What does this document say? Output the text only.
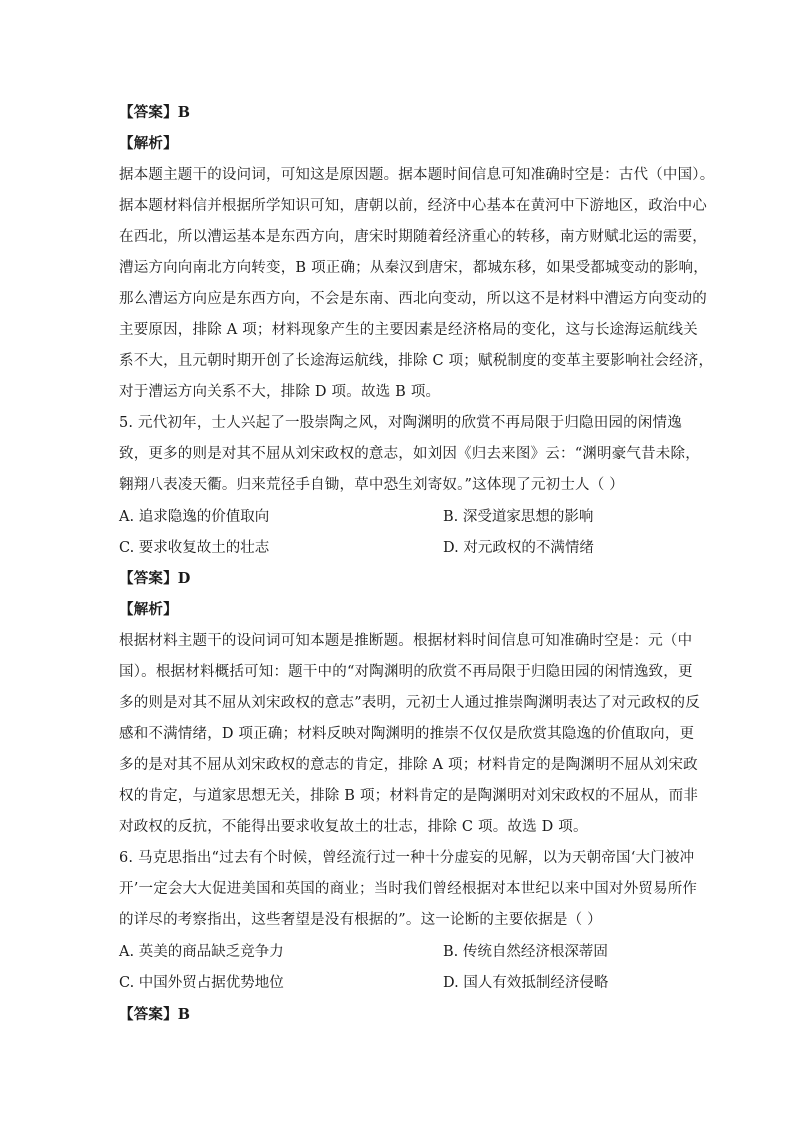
【答案】B
【解析】
据本题主题干的设问词，可知这是原因题。据本题时间信息可知准确时空是：古代（中国）。
据本题材料信并根据所学知识可知，唐朝以前，经济中心基本在黄河中下游地区，政治中心
在西北，所以漕运基本是东西方向，唐宋时期随着经济重心的转移，南方财赋北运的需要，
漕运方向向南北方向转变，B 项正确；从秦汉到唐宋，都城东移，如果受都城变动的影响，
那么漕运方向应是东西方向，不会是东南、西北向变动，所以这不是材料中漕运方向变动的
主要原因，排除 A 项；材料现象产生的主要因素是经济格局的变化，这与长途海运航线关
系不大，且元朝时期开创了长途海运航线，排除 C 项；赋税制度的变革主要影响社会经济，
对于漕运方向关系不大，排除 D 项。故选 B 项。
5. 元代初年，士人兴起了一股崇陶之风，对陶渊明的欣赏不再局限于归隐田园的闲情逸
致，更多的则是对其不屈从刘宋政权的意志，如刘因《归去来图》云：“渊明豪气昔未除，
翱翔八表凌天衢。归来荒径手自锄，草中恐生刘寄奴。”这体现了元初士人（ ）
A. 追求隐逸的价值取向	B. 深受道家思想的影响
C. 要求收复故土的壮志	D. 对元政权的不满情绪
【答案】D
【解析】
根据材料主题干的设问词可知本题是推断题。根据材料时间信息可知准确时空是：元（中
国）。根据材料概括可知：题干中的“对陶渊明的欣赏不再局限于归隐田园的闲情逸致，更
多的则是对其不屈从刘宋政权的意志”表明，元初士人通过推崇陶渊明表达了对元政权的反
感和不满情绪，D 项正确；材料反映对陶渊明的推崇不仅仅是欣赏其隐逸的价值取向，更
多的是对其不屈从刘宋政权的意志的肯定，排除 A 项；材料肯定的是陶渊明不屈从刘宋政
权的肯定，与道家思想无关，排除 B 项；材料肯定的是陶渊明对刘宋政权的不屈从，而非
对政权的反抗，不能得出要求收复故土的壮志，排除 C 项。故选 D 项。
6. 马克思指出“过去有个时候，曾经流行过一种十分虚妄的见解，以为天朝帝国‘大门被冲
开’一定会大大促进美国和英国的商业；当时我们曾经根据对本世纪以来中国对外贸易所作
的详尽的考察指出，这些奢望是没有根据的”。这一论断的主要依据是（ ）
A. 英美的商品缺乏竞争力	B. 传统自然经济根深蒂固
C. 中国外贸占据优势地位	D. 国人有效抵制经济侵略
【答案】B
